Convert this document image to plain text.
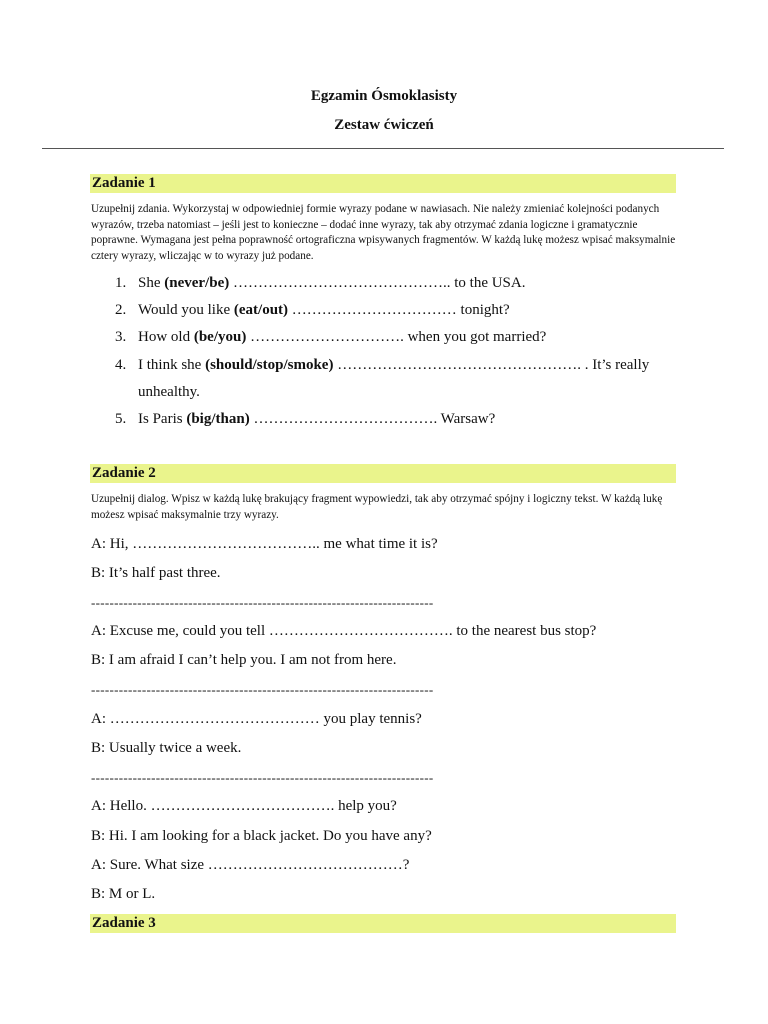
Egzamin Ósmoklasisty
Zestaw ćwiczeń
Zadanie 1
Uzupełnij zdania. Wykorzystaj w odpowiedniej formie wyrazy podane w nawiasach. Nie należy zmieniać kolejności podanych wyrazów, trzeba natomiast – jeśli jest to konieczne – dodać inne wyrazy, tak aby otrzymać zdania logiczne i gramatycznie poprawne. Wymagana jest pełna poprawność ortograficzna wpisywanych fragmentów. W każdą lukę możesz wpisać maksymalnie cztery wyrazy, wliczając w to wyrazy już podane.
1. She (never/be) …………………………………….. to the USA.
2. Would you like (eat/out) …………………………… tonight?
3. How old (be/you) …………………………. when you got married?
4. I think she (should/stop/smoke) …………………………………………. . It’s really unhealthy.
5. Is Paris (big/than) ………………………………. Warsaw?
Zadanie 2
Uzupełnij dialog. Wpisz w każdą lukę brakujący fragment wypowiedzi, tak aby otrzymać spójny i logiczny tekst. W każdą lukę możesz wpisać maksymalnie trzy wyrazy.
A: Hi, ……………………………….. me what time it is?
B: It’s half past three.
--------------------------------------------------------------------------
A: Excuse me, could you tell ………………………………. to the nearest bus stop?
B: I am afraid I can’t help you. I am not from here.
--------------------------------------------------------------------------
A: …………………………………… you play tennis?
B: Usually twice a week.
--------------------------------------------------------------------------
A: Hello. ………………………………. help you?
B: Hi. I am looking for a black jacket. Do you have any?
A: Sure. What size …………………………………?
B: M or L.
Zadanie 3
